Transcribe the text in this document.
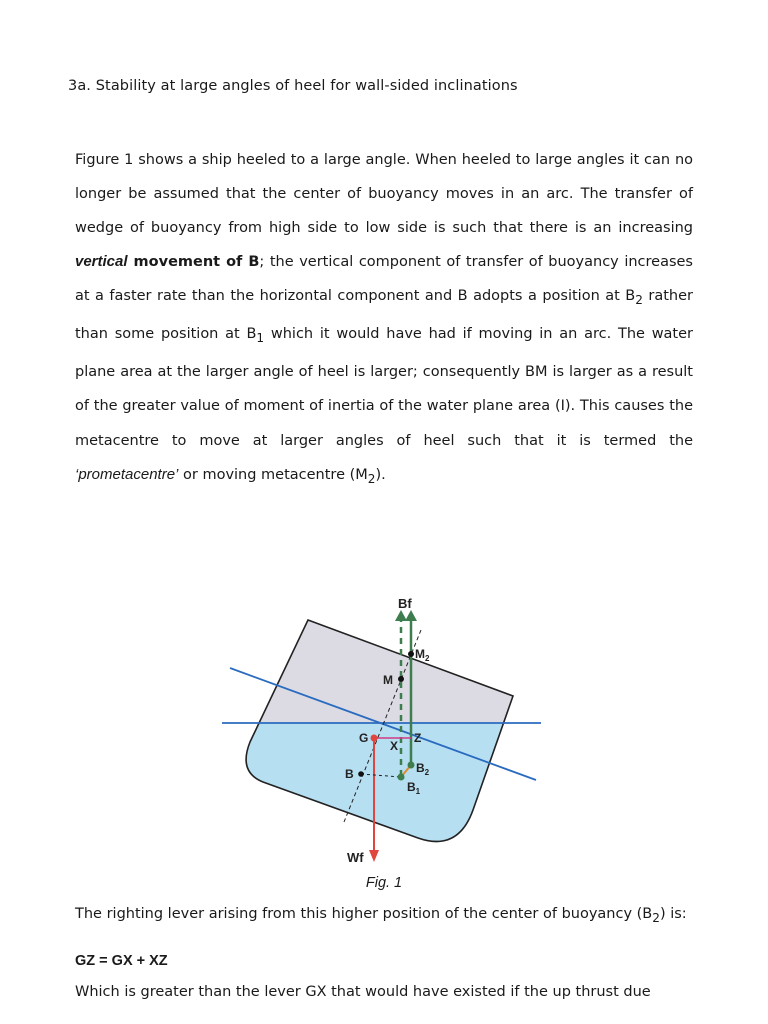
3a. Stability at large angles of heel for wall-sided inclinations
Figure 1 shows a ship heeled to a large angle. When heeled to large angles it can no longer be assumed that the center of buoyancy moves in an arc. The transfer of wedge of buoyancy from high side to low side is such that there is an increasing vertical movement of B; the vertical component of transfer of buoyancy increases at a faster rate than the horizontal component and B adopts a position at $B_2$ rather than some position at $B_1$ which it would have had if moving in an arc. The water plane area at the larger angle of heel is larger; consequently BM is larger as a result of the greater value of moment of inertia of the water plane area (I). This causes the metacentre to move at larger angles of heel such that it is termed the ‘prometacentre’ or moving metacentre $(M_2)$.
Bf
$M_2$
M
G
X
Z
B	$B_2$
$B_1$
Wf
Fig. 1
The righting lever arising from this higher position of the center of buoyancy $(B_2)$ is:
GZ = GX + XZ
Which is greater than the lever GX that would have existed if the up thrust due
